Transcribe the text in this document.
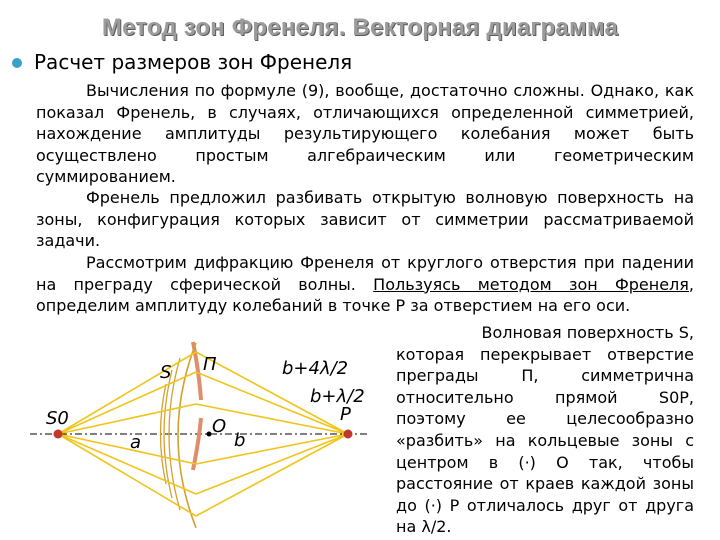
Метод зон Френеля. Векторная диаграмма
Расчет размеров зон Френеля

Вычисления по формуле (9), вообще, достаточно сложны. Однако, как показал Френель, в случаях, отличающихся определенной симметрией, нахождение амплитуды результирующего колебания может быть осуществлено простым алгебраическим или геометрическим суммированием.

Френель предложил разбивать открытую волновую поверхность на зоны, конфигурация которых зависит от симметрии рассматриваемой задачи.

Рассмотрим дифракцию Френеля от круглого отверстия при падении на преграду сферической волны. Пользуясь методом зон Френеля, определим амплитуду колебаний в точке P за отверстием на его оси.

Волновая поверхность S,
которая перекрывает отверстие преграды П, симметрична относительно прямой S0P, поэтому ее целесообразно «разбить» на кольцевые зоны с центром в (·) O так, чтобы расстояние от краев каждой зоны до (·) P отличалось друг от друга на λ/2.

S П
S0
a
O
b
P
b+4λ/2
b+λ/2
